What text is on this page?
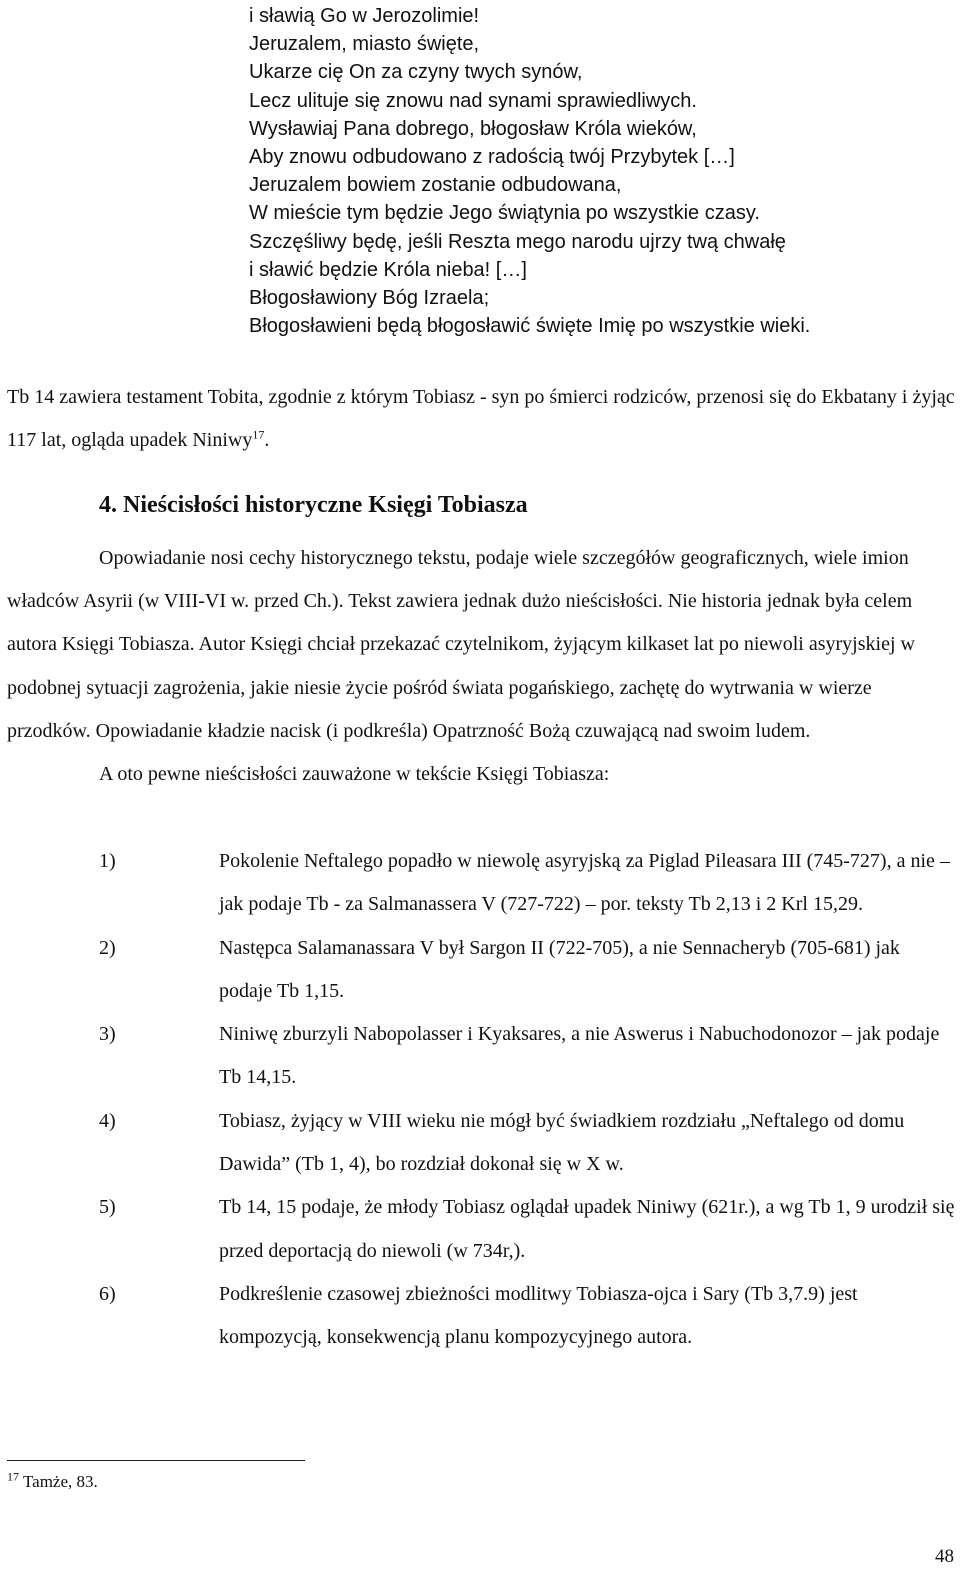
i sławią Go w Jerozolimie!
Jeruzalem, miasto święte,
Ukarze cię On za czyny twych synów,
Lecz ulituje się znowu nad synami sprawiedliwych.
Wysławiaj Pana dobrego, błogosław Króla wieków,
Aby znowu odbudowano z radością twój Przybytek […]
Jeruzalem bowiem zostanie odbudowana,
W mieście tym będzie Jego świątynia po wszystkie czasy.
Szczęśliwy będę, jeśli Reszta mego narodu ujrzy twą chwałę
i sławić będzie Króla nieba! […]
Błogosławiony Bóg Izraela;
Błogosławieni będą błogosławić święte Imię po wszystkie wieki.
Tb 14 zawiera testament Tobita, zgodnie z którym Tobiasz - syn po śmierci rodziców, przenosi się do Ekbatany i żyjąc 117 lat, ogląda upadek Niniwy$^{17}$.
4. Nieścisłości historyczne Księgi Tobiasza
Opowiadanie nosi cechy historycznego tekstu, podaje wiele szczegółów geograficznych, wiele imion władców Asyrii (w VIII-VI w. przed Ch.). Tekst zawiera jednak dużo nieścisłości. Nie historia jednak była celem autora Księgi Tobiasza. Autor Księgi chciał przekazać czytelnikom, żyjącym kilkaset lat po niewoli asyryjskiej w podobnej sytuacji zagrożenia, jakie niesie życie pośród świata pogańskiego, zachętę do wytrwania w wierze przodków. Opowiadanie kładzie nacisk (i podkreśla) Opatrzność Bożą czuwającą nad swoim ludem.
A oto pewne nieścisłości zauważone w tekście Księgi Tobiasza:
1)	Pokolenie Neftalego popadło w niewolę asyryjską za Piglad Pileasara III (745-727), a nie – jak podaje Tb - za Salmanassera V (727-722) – por. teksty Tb 2,13 i 2 Krl 15,29.
2)	Następca Salamanassara V był Sargon II (722-705), a nie Sennacheryb (705-681) jak podaje Tb 1,15.
3)	Niniwę zburzyli Nabopolasser i Kyaksares, a nie Aswerus i Nabuchodonozor – jak podaje Tb 14,15.
4)	Tobiasz, żyjący w VIII wieku nie mógł być świadkiem rozdziału „Neftalego od domu Dawida” (Tb 1, 4), bo rozdział dokonał się w X w.
5)	Tb 14, 15 podaje, że młody Tobiasz oglądał upadek Niniwy (621r.), a wg Tb 1, 9 urodził się przed deportacją do niewoli (w 734r,).
6)	Podkreślenie czasowej zbieżności modlitwy Tobiasza-ojca i Sary (Tb 3,7.9) jest kompozycją, konsekwencją planu kompozycyjnego autora.
$^{17}$ Tamże, 83.
48
